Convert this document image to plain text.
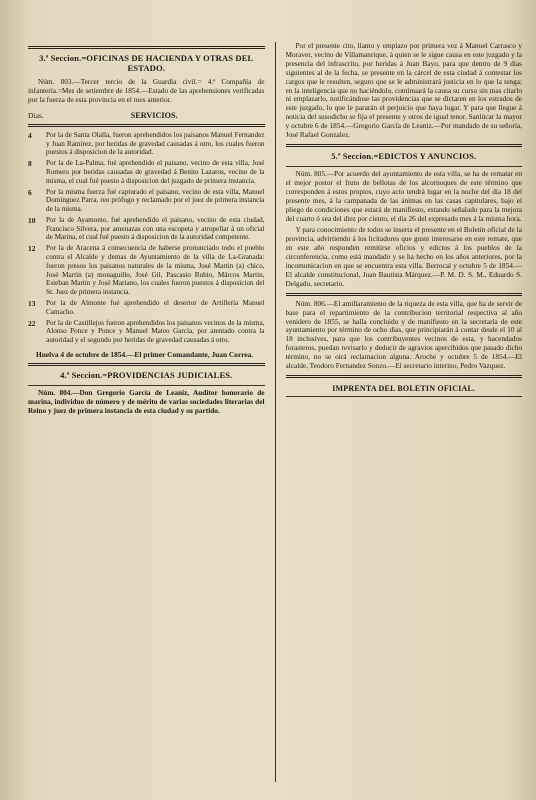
3.ª Seccion.=OFICINAS DE HACIENDA Y OTRAS DEL ESTADO.

Núm. 803.—Tercer tercio de la Guardia civil.= 4.ª Compañía de infantería.=Mes de setiembre de 1854.—Estado de las aprehensiones verificadas por la fuerza de esta provincia en el mes anterior.

Dias.	SERVICIOS.
4	Por la de Santa Olalla, fueron aprehendidos los paisanos Manuel Fernandez y Juan Ramirez, por heridas de gravedad causadas á otro, los cuales fueron puestos á disposicion de la autoridad.
8	Por la de La-Palma, fué aprehendido el paisano, vecino de esta villa, José Romero por heridas causadas de gravedad á Benito Lazaros, vecino de la misma, el cual fué puesto á disposicion del juzgado de primera instancia.
6	Por la misma fuerza fué capturado el paisano, vecino de esta villa, Manuel Dominguez Parra, reo prófugo y reclamado por el juez de primera instancia de la misma.
10	Por la de Ayamonte, fué aprehendido el paisano, vecino de esta ciudad, Francisco Silvera, por amenazas con una escopeta y atropellar á un oficial de Marina, el cual fué puesto á disposicion de la autoridad competente.
12	Por la de Aracena á consecuencia de haberse pronunciado todo el pueblo contra el Alcalde y demas de Ayuntamiento de la villa de La-Granada: fueron presos los paisanos naturales de la misma, José Martin (a) chico, José Martin (a) monaguillo, José Gil, Pascasio Rubio, Márcos Martin, Esteban Martin y José Mariano, los cuales fueron puestos á disposicion del Sr. Juez de primera instancia.
13	Por la de Almonte fué aprehendido el desertor de Artillería Manuel Camacho.
22	Por la de Castillejos fueron aprehendidos los paisanos vecinos de la misma, Alonso Ponce y Ponce y Manuel Mateo García, por atentado contra la autoridad y el segundo por heridas de gravedad causadas á otro.

Huelva 4 de octubre de 1854.—El primer Comandante, Juan Correa.

4.ª Seccion.=PROVIDENCIAS JUDICIALES.

Núm. 804.—Don Gregorio García de Leaniz, Auditor honorario de marina, individuo de número y de mérito de varias sociedades literarias del Reino y juez de primera instancia de esta ciudad y su partido.

Por el presente cito, llamo y emplazo por primera vez á Manuel Carrasco y Moraver, vecino de Villamanrique, á quien se le sigue causa en este juzgado y la presencia del infrascrito, por heridas á Juan Bayo, para que dentro de 9 dias siguientes al de la fecha, se presente en la cárcel de esta ciudad á contestar los cargos que le resulten, seguro que se le administrará justicia en lo que la tenga; en la inteligencia que no haciéndolo, continuará la causa su curso sin mas citarlo ni emplazarlo, notificándose las providencias que se dictaren en los estrados de este juzgado, lo que le pararán el perjuicio que haya lugar. Y para que llegue á noticia del susodicho se fija el presente y otros de igual tenor. Sanlúcar la mayor y octubre 6 de 1854.—Gregorio García de Leaniz.—Por mandado de su señoría, José Rafael Gonzalez.

5.ª Seccion.=EDICTOS Y ANUNCIOS.

Núm. 805.—Por acuerdo del ayuntamiento de esta villa, se ha de rematar en el mejor postor el fruto de bellotas de los alcornoques de este término que corresponden á estos propios, cuyo acto tendrá lugar en la noche del dia 18 del presente mes, á la campanada de las ánimas en las casas capitulares, bajo el pliego de condiciones que estará de manifiesto, estando señalado para la mejora del cuarto ó sea del diez por ciento, el dia 26 del expresado mes á la misma hora.

Y para conocimiento de todos se inserta el presente en el Boletín oficial de la provincia, advirtiendo á los licitadores que guste interesarse en este remate, que en este año responden remitirse oficios y edictos á los pueblos de la circunferencia, como está mandado y se ha hecho en los años anteriores, por la incomunicacion en que se encuentra esta villa. Berrocal y octubre 5 de 1854.—El alcalde constitucional, Juan Bautista Márquez.—P. M. D. S. M., Eduardo S. Delgado, secretario.

Núm. 806.—El amillaramiento de la riqueza de esta villa, que ha de servir de base para el repartimiento de la contribucion territorial respectiva al año venidero de 1855, se halla concluido y de manifiesto en la secretaría de este ayuntamiento por término de ocho dias, que principiarán á contar desde el 10 al 18 inclusives, para que los contribuyentes vecinos de esta, y hacendados forasteros, puedan revisarlo y deducir de agravios apercibidos que pasado dicho término, no se oirá reclamacion alguna. Aroche y octubre 5 de 1854.—El alcalde, Teodoro Fernandez Sonzo.—El secretario interino, Pedro Vazquez.

IMPRENTA DEL BOLETIN OFICIAL.
